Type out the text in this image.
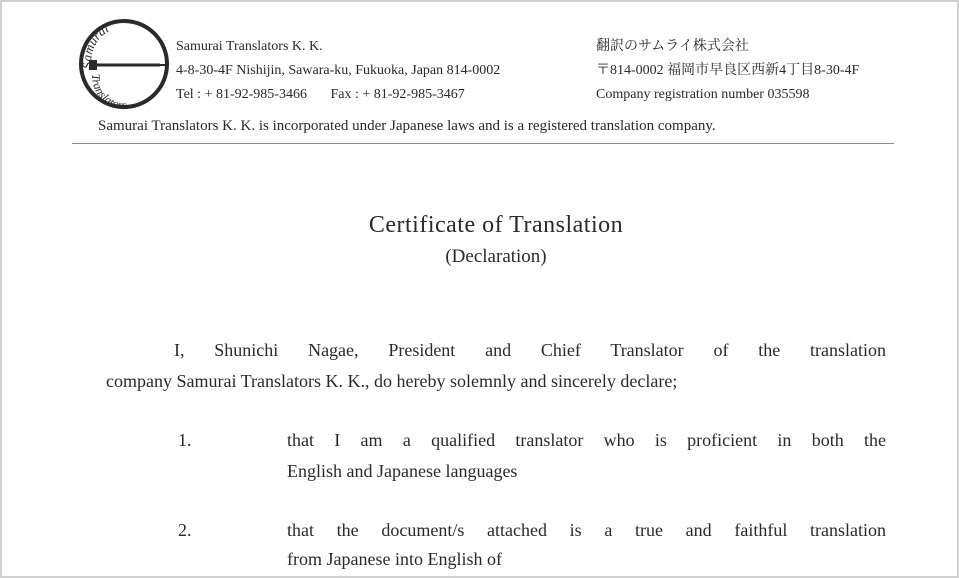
Samurai
Translators
Samurai Translators K. K.
4-8-30-4F Nishijin, Sawara-ku, Fukuoka, Japan 814-0002
Tel : + 81-92-985-3466 Fax : + 81-92-985-3467
翻訳のサムライ株式会社
〒814-0002 福岡市早良区西新4丁目8-30-4F
Company registration number 035598
Samurai Translators K. K. is incorporated under Japanese laws and is a registered translation company.
Certificate of Translation
(Declaration)
I, Shunichi Nagae, President and Chief Translator of the translation
company Samurai Translators K. K., do hereby solemnly and sincerely declare;
1.	that I am a qualified translator who is proficient in both the
English and Japanese languages
2.	that the document/s attached is a true and faithful translation
from Japanese into English of
